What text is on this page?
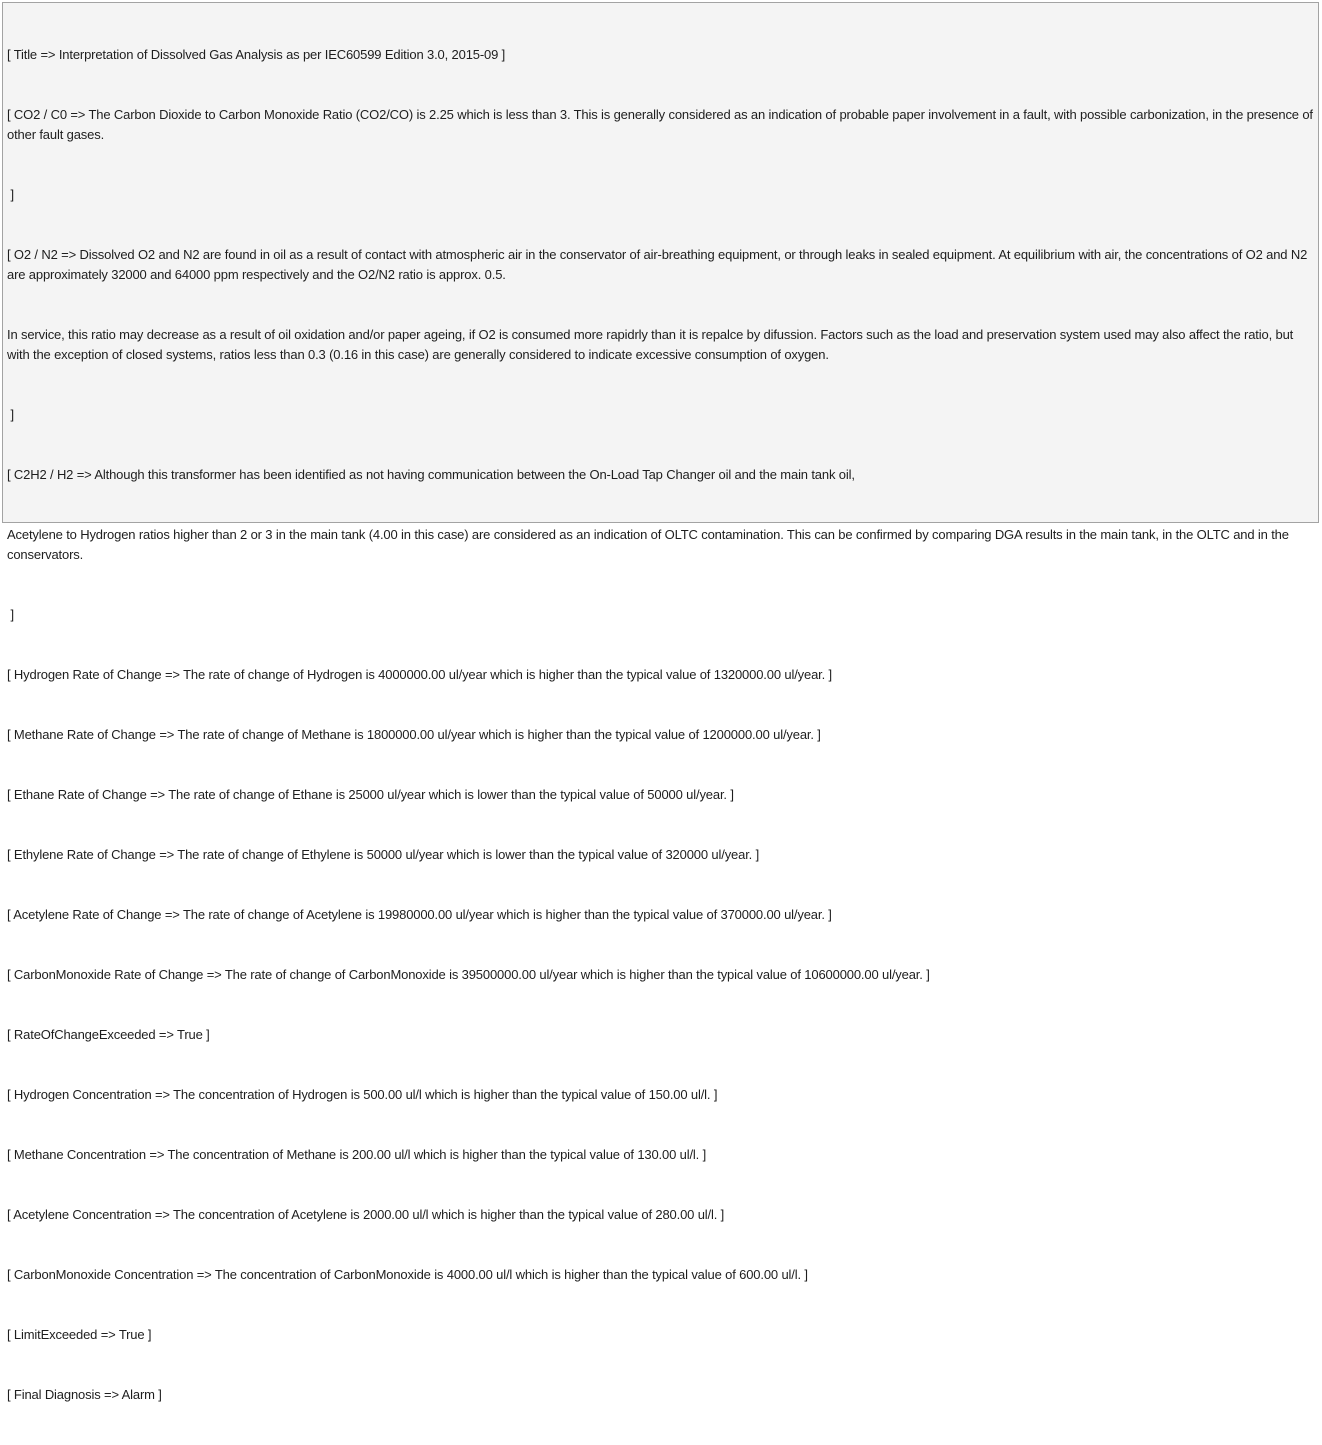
[ Title => Interpretation of Dissolved Gas Analysis as per IEC60599 Edition 3.0, 2015-09 ]

[ CO2 / C0 => The Carbon Dioxide to Carbon Monoxide Ratio (CO2/CO) is 2.25 which is less than 3. This is generally considered as an indication of probable paper involvement in a fault, with possible carbonization, in the presence of other fault gases.

]

[ O2 / N2 => Dissolved O2 and N2 are found in oil as a result of contact with atmospheric air in the conservator of air-breathing equipment, or through leaks in sealed equipment. At equilibrium with air, the concentrations of O2 and N2 are approximately 32000 and 64000 ppm respectively and the O2/N2 ratio is approx. 0.5.

In service, this ratio may decrease as a result of oil oxidation and/or paper ageing, if O2 is consumed more rapidrly than it is repalce by difussion. Factors such as the load and preservation system used may also affect the ratio, but with the exception of closed systems, ratios less than 0.3 (0.16 in this case) are generally considered to indicate excessive consumption of oxygen.

]

[ C2H2 / H2 => Although this transformer has been identified as not having communication between the On-Load Tap Changer oil and the main tank oil,

Acetylene to Hydrogen ratios higher than 2 or 3 in the main tank (4.00 in this case) are considered as an indication of OLTC contamination. This can be confirmed by comparing DGA results in the main tank, in the OLTC and in the conservators.

]

[ Hydrogen Rate of Change => The rate of change of Hydrogen is 4000000.00 ul/year which is higher than the typical value of 1320000.00 ul/year. ]

[ Methane Rate of Change => The rate of change of Methane is 1800000.00 ul/year which is higher than the typical value of 1200000.00 ul/year. ]

[ Ethane Rate of Change => The rate of change of Ethane is 25000 ul/year which is lower than the typical value of 50000 ul/year. ]

[ Ethylene Rate of Change => The rate of change of Ethylene is 50000 ul/year which is lower than the typical value of 320000 ul/year. ]

[ Acetylene Rate of Change => The rate of change of Acetylene is 19980000.00 ul/year which is higher than the typical value of 370000.00 ul/year. ]

[ CarbonMonoxide Rate of Change => The rate of change of CarbonMonoxide is 39500000.00 ul/year which is higher than the typical value of 10600000.00 ul/year. ]

[ RateOfChangeExceeded => True ]

[ Hydrogen Concentration => The concentration of Hydrogen is 500.00 ul/l which is higher than the typical value of 150.00 ul/l. ]

[ Methane Concentration => The concentration of Methane is 200.00 ul/l which is higher than the typical value of 130.00 ul/l. ]

[ Acetylene Concentration => The concentration of Acetylene is 2000.00 ul/l which is higher than the typical value of 280.00 ul/l. ]

[ CarbonMonoxide Concentration => The concentration of CarbonMonoxide is 4000.00 ul/l which is higher than the typical value of 600.00 ul/l. ]

[ LimitExceeded => True ]

[ Final Diagnosis => Alarm ]
